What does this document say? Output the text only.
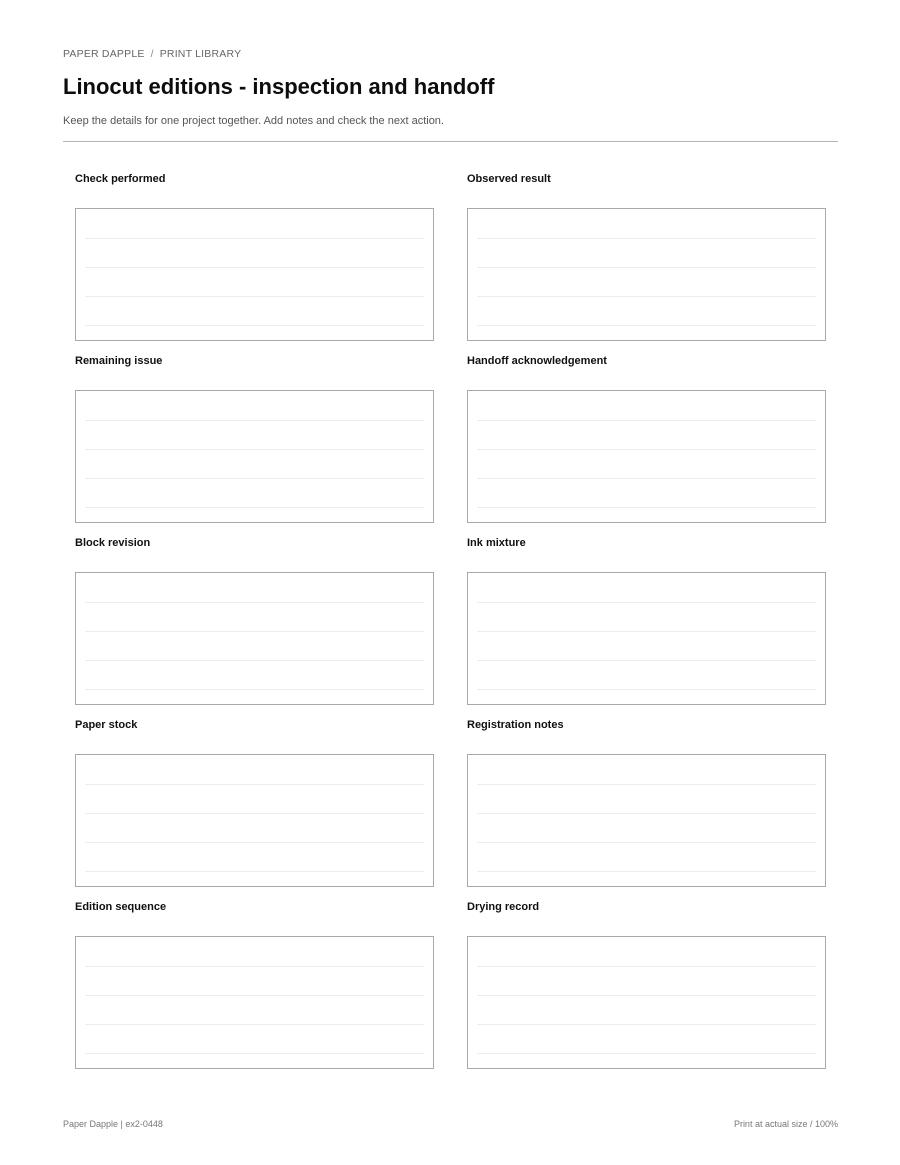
PAPER DAPPLE / PRINT LIBRARY
Linocut editions - inspection and handoff
Keep the details for one project together. Add notes and check the next action.
Check performed	Observed result
Remaining issue	Handoff acknowledgement
Block revision	Ink mixture
Paper stock	Registration notes
Edition sequence	Drying record
Paper Dapple | ex2-0448	Print at actual size / 100%
